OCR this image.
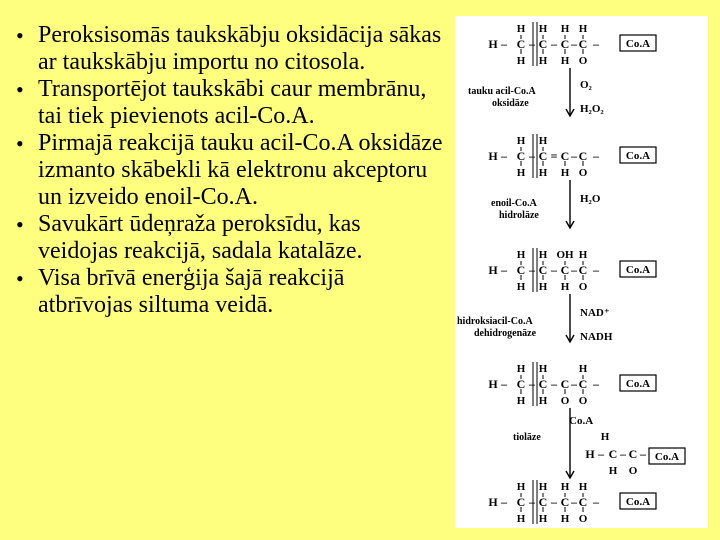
• Peroksisomās taukskābju oksidācija sākas ar taukskābju importu no citosola.
• Transportējot taukskābi caur membrānu, tai tiek pievienots acil-Co.A.
• Pirmajā reakcijā tauku acil-Co.A oksidāze izmanto skābekli kā elektronu akceptoru un izveido enoil-Co.A.
• Savukārt ūdeņraža peroksīdu, kas veidojas reakcijā, sadala katalāze.
• Visa brīvā enerģija šajā reakcijā atbrīvojas siltuma veidā.
H – C
H
H
– C
H
H
– C
H
H
– C
H
O
– Co.A
tauku acil-Co.A
oksidāze
O₂
H₂O₂
H – C
H
H
– C
H
H
= C
H
– C
O
– Co.A
enoil-Co.A
hidrolāze
H₂O
H – C
H
H
– C
H
H
– C
OH
H
– C
H
O
– Co.A
hidroksiacil-Co.A
dehidrogenāze
NAD⁺
NADH
H – C
H
H
– C
H
H
– C
O
– C
H
O
– Co.A
tiolāze
Co.A
H
H – C
H
– C
O
– Co.A
H – C
H
H
– C
H
H
– C
H
H
– C
H
O
– Co.A
